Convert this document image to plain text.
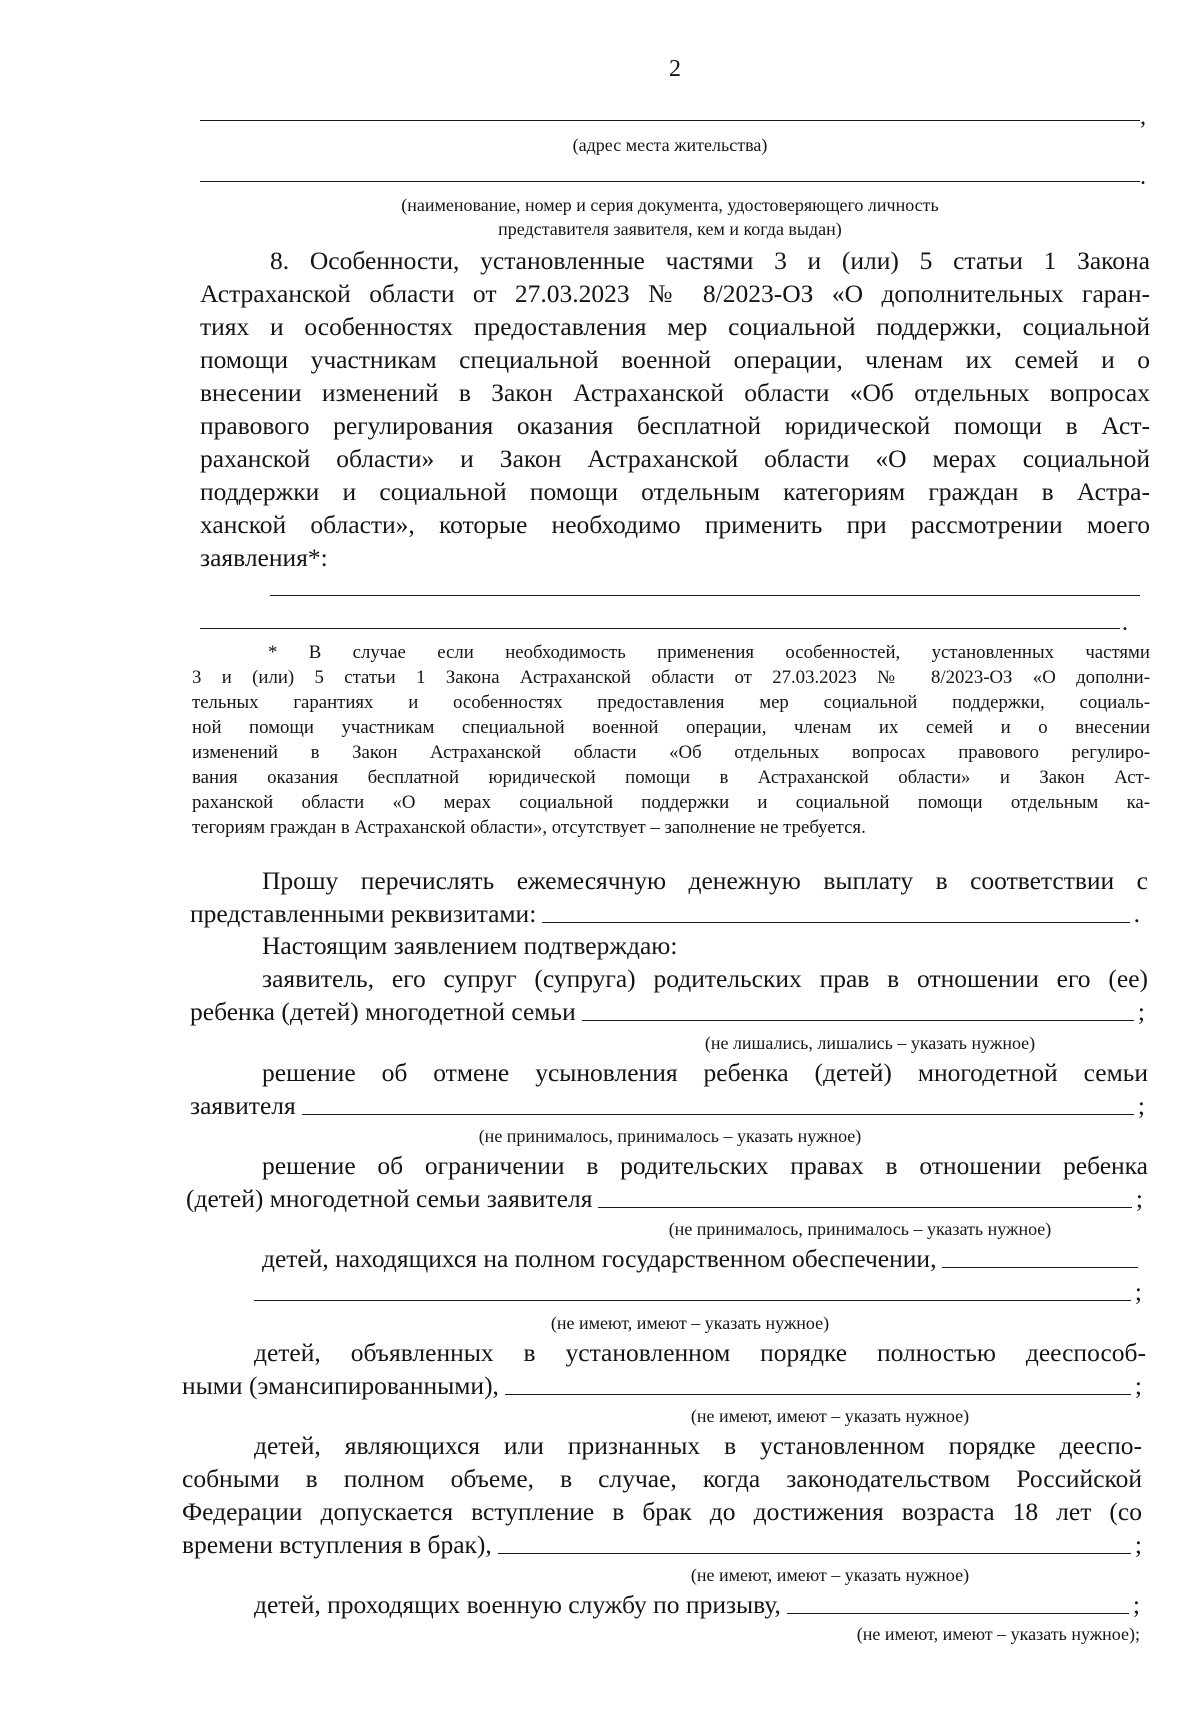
2
,
(адрес места жительства)
.
(наименование, номер и серия документа, удостоверяющего личность
представителя заявителя, кем и когда выдан)
8. Особенности, установленные частями 3 и (или) 5 статьи 1 Закона
Астраханской области от 27.03.2023 № 8/2023-ОЗ «О дополнительных гаран-
тиях и особенностях предоставления мер социальной поддержки, социальной
помощи участникам специальной военной операции, членам их семей и о
внесении изменений в Закон Астраханской области «Об отдельных вопросах
правового регулирования оказания бесплатной юридической помощи в Аст-
раханской области» и Закон Астраханской области «О мерах социальной
поддержки и социальной помощи отдельным категориям граждан в Астра-
ханской области», которые необходимо применить при рассмотрении моего
заявления*:
.
* В случае если необходимость применения особенностей, установленных частями
3 и (или) 5 статьи 1 Закона Астраханской области от 27.03.2023 № 8/2023-ОЗ «О дополни-
тельных гарантиях и особенностях предоставления мер социальной поддержки, социаль-
ной помощи участникам специальной военной операции, членам их семей и о внесении
изменений в Закон Астраханской области «Об отдельных вопросах правового регулиро-
вания оказания бесплатной юридической помощи в Астраханской области» и Закон Аст-
раханской области «О мерах социальной поддержки и социальной помощи отдельным ка-
тегориям граждан в Астраханской области», отсутствует – заполнение не требуется.
Прошу перечислять ежемесячную денежную выплату в соответствии с
представленными реквизитами:	.
Настоящим заявлением подтверждаю:
заявитель, его супруг (супруга) родительских прав в отношении его (ее)
ребенка (детей) многодетной семьи	;
(не лишались, лишались – указать нужное)
решение об отмене усыновления ребенка (детей) многодетной семьи
заявителя	;
(не принималось, принималось – указать нужное)
решение об ограничении в родительских правах в отношении ребенка
(детей) многодетной семьи заявителя	;
(не принималось, принималось – указать нужное)
детей, находящихся на полном государственном обеспечении,
;
(не имеют, имеют – указать нужное)
детей, объявленных в установленном порядке полностью дееспособ-
ными (эмансипированными),	;
(не имеют, имеют – указать нужное)
детей, являющихся или признанных в установленном порядке дееспо-
собными в полном объеме, в случае, когда законодательством Российской
Федерации допускается вступление в брак до достижения возраста 18 лет (со
времени вступления в брак),	;
(не имеют, имеют – указать нужное)
детей, проходящих военную службу по призыву,	;
(не имеют, имеют – указать нужное);
